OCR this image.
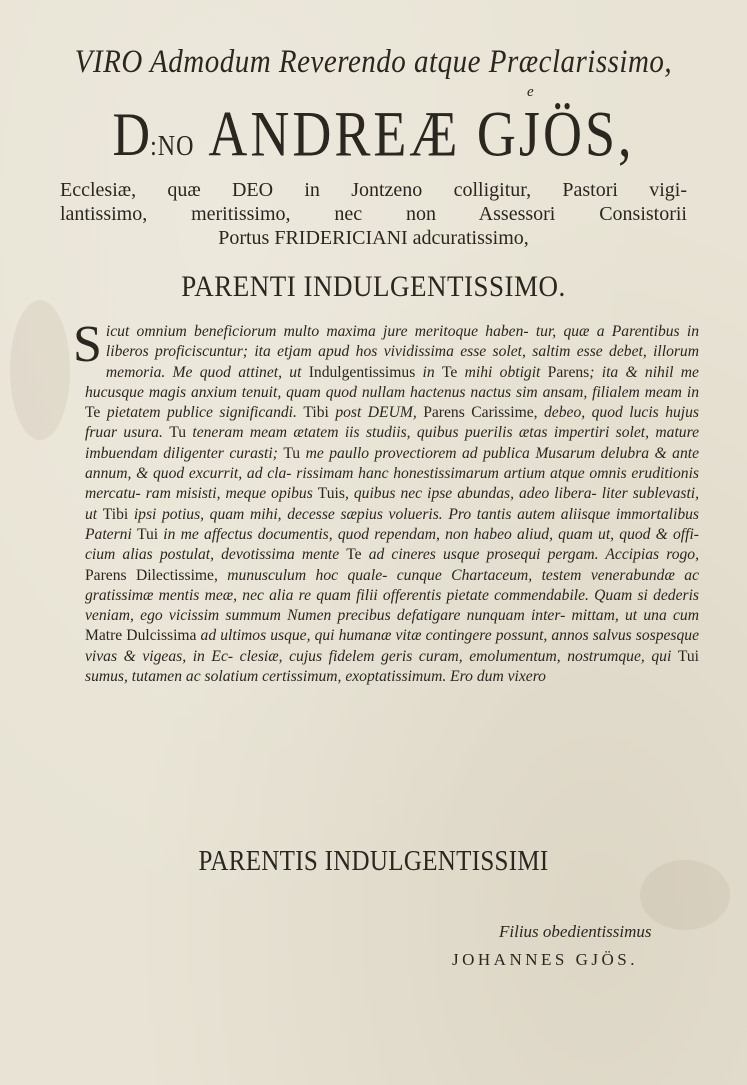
VIRO Admodum Reverendo atque Præclarissimo,
e
D:NO ANDREÆ GJÖS,
Ecclesiæ, quæ DEO in Jontzeno colligitur, Pastori vigi-
lantissimo, meritissimo, nec non Assessori Consistorii
Portus FRIDERICIANI adcuratissimo,
PARENTI INDULGENTISSIMO.
Sicut omnium beneficiorum multo maxima jure meritoque haben- tur, quæ a Parentibus in liberos proficiscuntur; ita etjam apud hos vividissima esse solet, saltim esse debet, illorum memoria. Me quod attinet, ut Indulgentissimus in Te mihi obtigit Parens; ita & nihil me hucusque magis anxium tenuit, quam quod nullam hactenus nactus sim ansam, filialem meam in Te pietatem publice significandi. Tibi post DEUM, Parens Carissime, debeo, quod lucis hujus fruar usura. Tu teneram meam ætatem iis studiis, quibus puerilis ætas impertiri solet, mature imbuendam diligenter curasti; Tu me paullo provectiorem ad publica Musarum delubra & ante annum, & quod excurrit, ad cla- rissimam hanc honestissimarum artium atque omnis eruditionis mercatu- ram misisti, meque opibus Tuis, quibus nec ipse abundas, adeo libera- liter sublevasti, ut Tibi ipsi potius, quam mihi, decesse sæpius volueris. Pro tantis autem aliisque immortalibus Paterni Tui in me affectus documentis, quod rependam, non habeo aliud, quam ut, quod & offi- cium alias postulat, devotissima mente Te ad cineres usque prosequi pergam. Accipias rogo, Parens Dilectissime, munusculum hoc quale- cunque Chartaceum, testem venerabundæ ac gratissimæ mentis meæ, nec alia re quam filii offerentis pietate commendabile. Quam si dederis veniam, ego vicissim summum Numen precibus defatigare nunquam inter- mittam, ut una cum Matre Dulcissima ad ultimos usque, qui humanæ vitæ contingere possunt, annos salvus sospesque vivas & vigeas, in Ec- clesiæ, cujus fidelem geris curam, emolumentum, nostrumque, qui Tui sumus, tutamen ac solatium certissimum, exoptatissimum. Ero dum vixero
PARENTIS INDULGENTISSIMI
Filius obedientissimus
JOHANNES GJÖS.
